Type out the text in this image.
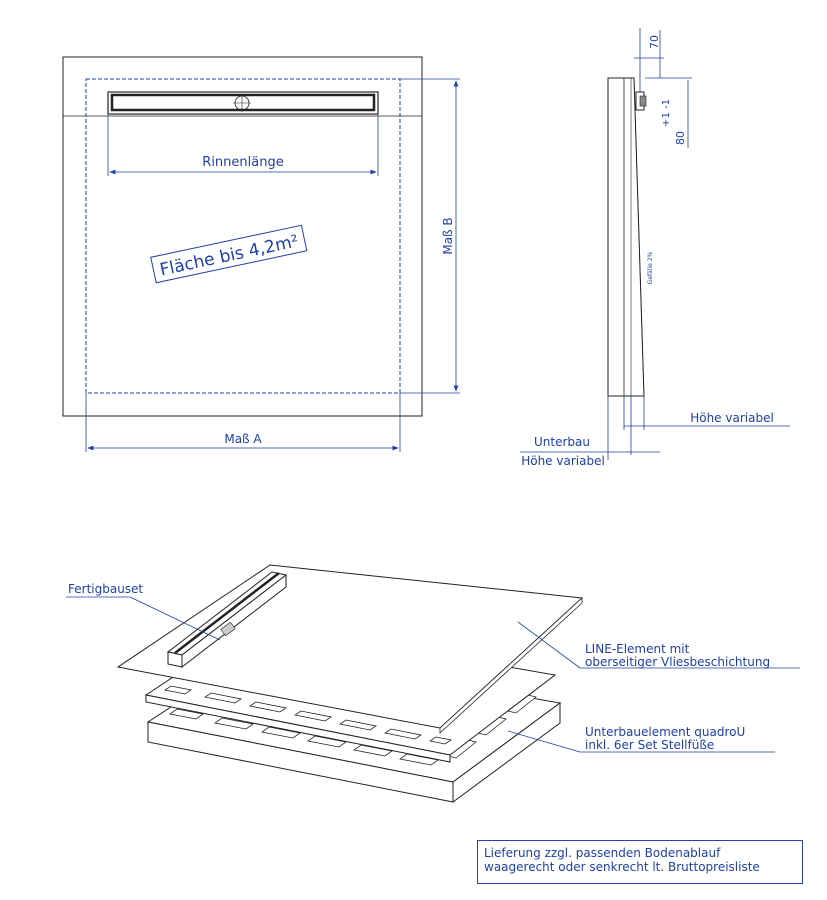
Rinnenlänge
Fläche bis 4,2m²	Maß B
Maß A
Gefälle 2%
70
+1 -1
80
Höhe variabel
Unterbau
Höhe variabel
Fertigbauset
LINE-Element mit
oberseitiger Vliesbeschichtung
Unterbauelement quadroU
inkl. 6er Set Stellfüße
Lieferung zzgl. passenden Bodenablauf
waagerecht oder senkrecht lt. Bruttopreisliste
